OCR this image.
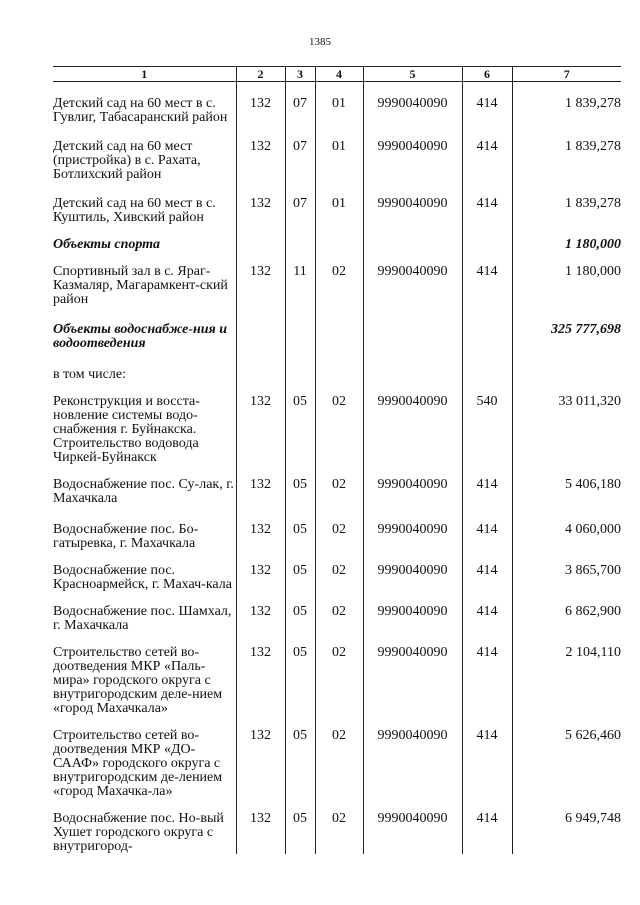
1385
1	2	3	4	5	6	7
Детский сад на 60 мест в с. Гувлиг, Табасаранский район	132	07	01	9990040090	414	1 839,278
Детский сад на 60 мест (пристройка) в с. Рахата, Ботлихский район	132	07	01	9990040090	414	1 839,278
Детский сад на 60 мест в с. Куштиль, Хивский район	132	07	01	9990040090	414	1 839,278
Объекты спорта						1 180,000
Спортивный зал в с. Яраг-Казмаляр, Магарамкент-ский район	132	11	02	9990040090	414	1 180,000
Объекты водоснабже-ния и водоотведения						325 777,698
в том числе:						
Реконструкция и восста-новление системы водо-снабжения г. Буйнакска. Строительство водовода Чиркей-Буйнакск	132	05	02	9990040090	540	33 011,320
Водоснабжение пос. Су-лак, г. Махачкала	132	05	02	9990040090	414	5 406,180
Водоснабжение пос. Бо-гатыревка, г. Махачкала	132	05	02	9990040090	414	4 060,000
Водоснабжение пос. Красноармейск, г. Махач-кала	132	05	02	9990040090	414	3 865,700
Водоснабжение пос. Шамхал, г. Махачкала	132	05	02	9990040090	414	6 862,900
Строительство сетей во-доотведения МКР «Паль-мира» городского округа с внутригородским деле-нием «город Махачкала»	132	05	02	9990040090	414	2 104,110
Строительство сетей во-доотведения МКР «ДО-СААФ» городского округа с внутригородским де-лением «город Махачка-ла»	132	05	02	9990040090	414	5 626,460
Водоснабжение пос. Но-вый Хушет городского округа с внутригород-	132	05	02	9990040090	414	6 949,748
